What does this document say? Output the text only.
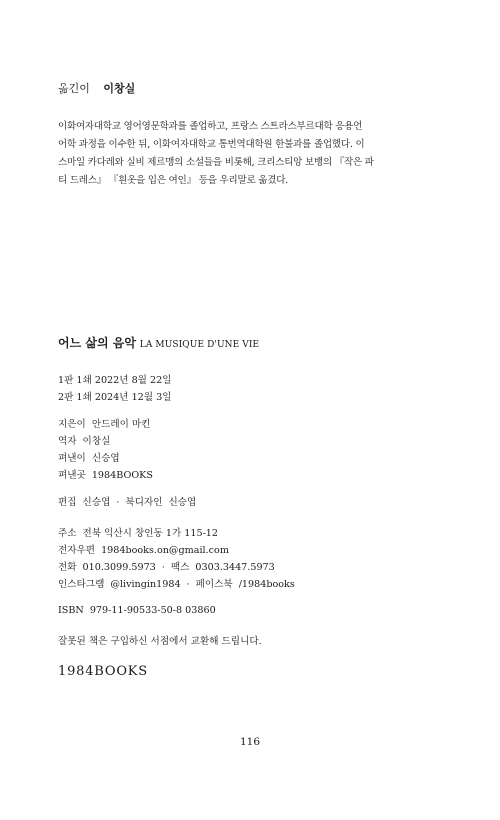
옮긴이 이창실

이화여자대학교 영어영문학과를 졸업하고, 프랑스 스트라스부르대학 응용언

어학 과정을 이수한 뒤, 이화여자대학교 통번역대학원 한불과를 졸업했다. 이

스마일 카다레와 실비 제르맹의 소설들을 비롯해, 크리스티앙 보뱅의 『작은 파

티 드레스』 『흰옷을 입은 여인』 등을 우리말로 옮겼다.

어느 삶의 음악 LA MUSIQUE D'UNE VIE

1판 1쇄 2022년 8월 22일

2판 1쇄 2024년 12월 3일

지은이 안드레이 마킨

역자 이창실

펴낸이 신승엽

펴낸곳 1984BOOKS

편집 신승엽 · 북디자인 신승엽

주소 전북 익산시 창인동 1가 115-12

전자우편 1984books.on@gmail.com

전화 010.3099.5973 · 팩스 0303.3447.5973

인스타그램 @livingin1984 · 페이스북 /1984books

ISBN 979-11-90533-50-8 03860

잘못된 책은 구입하신 서점에서 교환해 드립니다.

1984BOOKS
116
